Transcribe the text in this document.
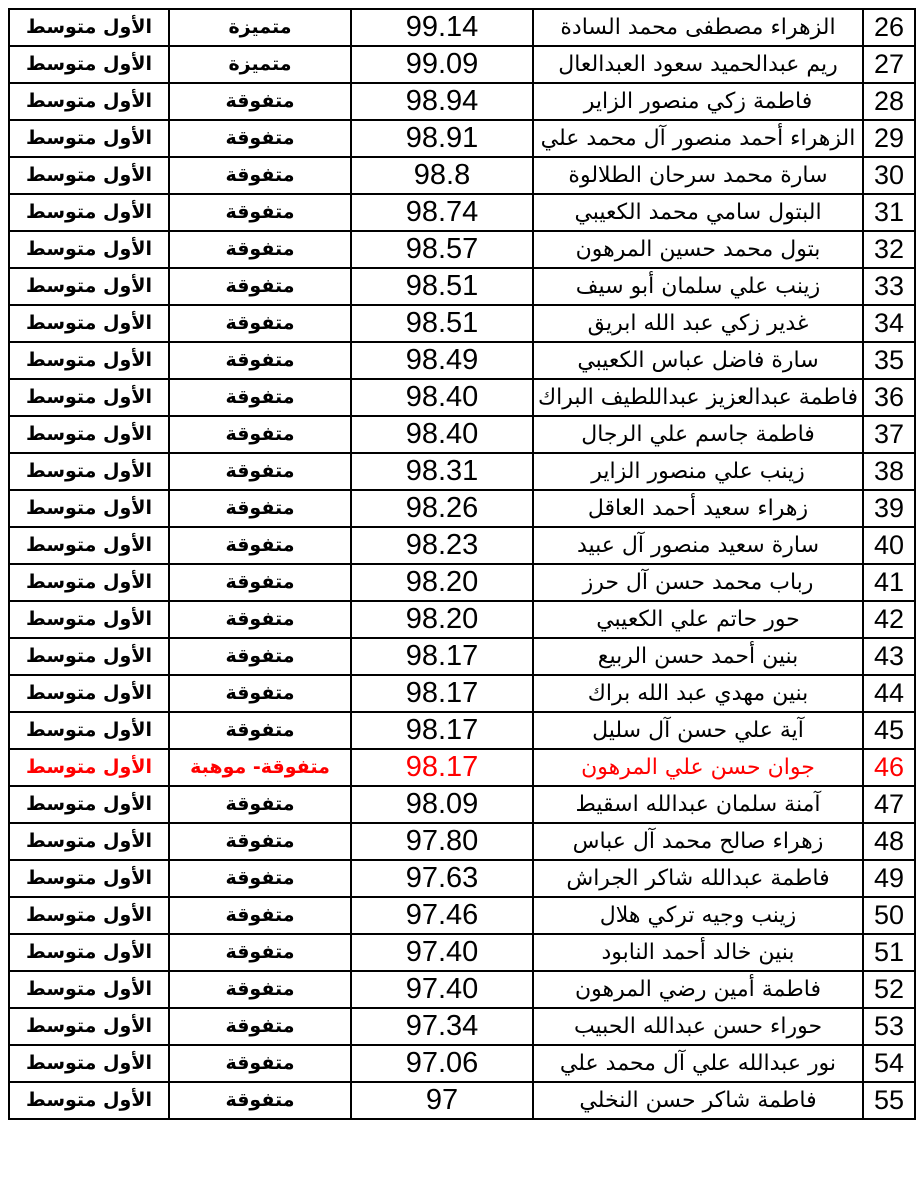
26	الزهراء مصطفى محمد السادة	99.14	متميزة	الأول متوسط
27	ريم عبدالحميد سعود العبدالعال	99.09	متميزة	الأول متوسط
28	فاطمة زكي منصور الزاير	98.94	متفوقة	الأول متوسط
29	الزهراء أحمد منصور آل محمد علي	98.91	متفوقة	الأول متوسط
30	سارة محمد سرحان الطلالوة	98.8	متفوقة	الأول متوسط
31	البتول سامي محمد الكعيبي	98.74	متفوقة	الأول متوسط
32	بتول محمد حسين المرهون	98.57	متفوقة	الأول متوسط
33	زينب علي سلمان أبو سيف	98.51	متفوقة	الأول متوسط
34	غدير زكي عبد الله ابريق	98.51	متفوقة	الأول متوسط
35	سارة فاضل عباس الكعيبي	98.49	متفوقة	الأول متوسط
36	فاطمة عبدالعزيز عبداللطيف البراك	98.40	متفوقة	الأول متوسط
37	فاطمة جاسم علي الرجال	98.40	متفوقة	الأول متوسط
38	زينب علي منصور الزاير	98.31	متفوقة	الأول متوسط
39	زهراء سعيد أحمد العاقل	98.26	متفوقة	الأول متوسط
40	سارة سعيد منصور آل عبيد	98.23	متفوقة	الأول متوسط
41	رباب محمد حسن آل حرز	98.20	متفوقة	الأول متوسط
42	حور حاتم علي الكعيبي	98.20	متفوقة	الأول متوسط
43	بنين أحمد حسن الربيع	98.17	متفوقة	الأول متوسط
44	بنين مهدي عبد الله براك	98.17	متفوقة	الأول متوسط
45	آية علي حسن آل سليل	98.17	متفوقة	الأول متوسط
46	جوان حسن علي المرهون	98.17	متفوقة- موهبة	الأول متوسط
47	آمنة سلمان عبدالله اسقيط	98.09	متفوقة	الأول متوسط
48	زهراء صالح محمد آل عباس	97.80	متفوقة	الأول متوسط
49	فاطمة عبدالله شاكر الجراش	97.63	متفوقة	الأول متوسط
50	زينب وجيه تركي هلال	97.46	متفوقة	الأول متوسط
51	بنين خالد أحمد النابود	97.40	متفوقة	الأول متوسط
52	فاطمة أمين رضي المرهون	97.40	متفوقة	الأول متوسط
53	حوراء حسن عبدالله الحبيب	97.34	متفوقة	الأول متوسط
54	نور عبدالله علي آل محمد علي	97.06	متفوقة	الأول متوسط
55	فاطمة شاكر حسن النخلي	97	متفوقة	الأول متوسط
